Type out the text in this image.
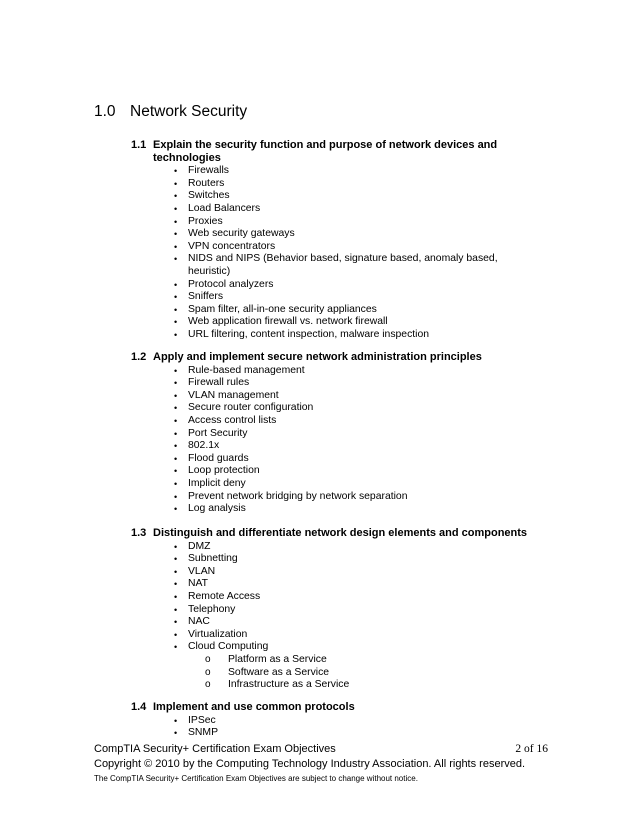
1.0 Network Security
1.1 Explain the security function and purpose of network devices and technologies
• Firewalls
• Routers
• Switches
• Load Balancers
• Proxies
• Web security gateways
• VPN concentrators
• NIDS and NIPS (Behavior based, signature based, anomaly based, heuristic)
• Protocol analyzers
• Sniffers
• Spam filter, all-in-one security appliances
• Web application firewall vs. network firewall
• URL filtering, content inspection, malware inspection
1.2 Apply and implement secure network administration principles
• Rule-based management
• Firewall rules
• VLAN management
• Secure router configuration
• Access control lists
• Port Security
• 802.1x
• Flood guards
• Loop protection
• Implicit deny
• Prevent network bridging by network separation
• Log analysis
1.3 Distinguish and differentiate network design elements and components
• DMZ
• Subnetting
• VLAN
• NAT
• Remote Access
• Telephony
• NAC
• Virtualization
• Cloud Computing
o Platform as a Service
o Software as a Service
o Infrastructure as a Service
1.4 Implement and use common protocols
• IPSec
• SNMP
CompTIA Security+ Certification Exam Objectives	2 of 16
Copyright © 2010 by the Computing Technology Industry Association. All rights reserved.
The CompTIA Security+ Certification Exam Objectives are subject to change without notice.
